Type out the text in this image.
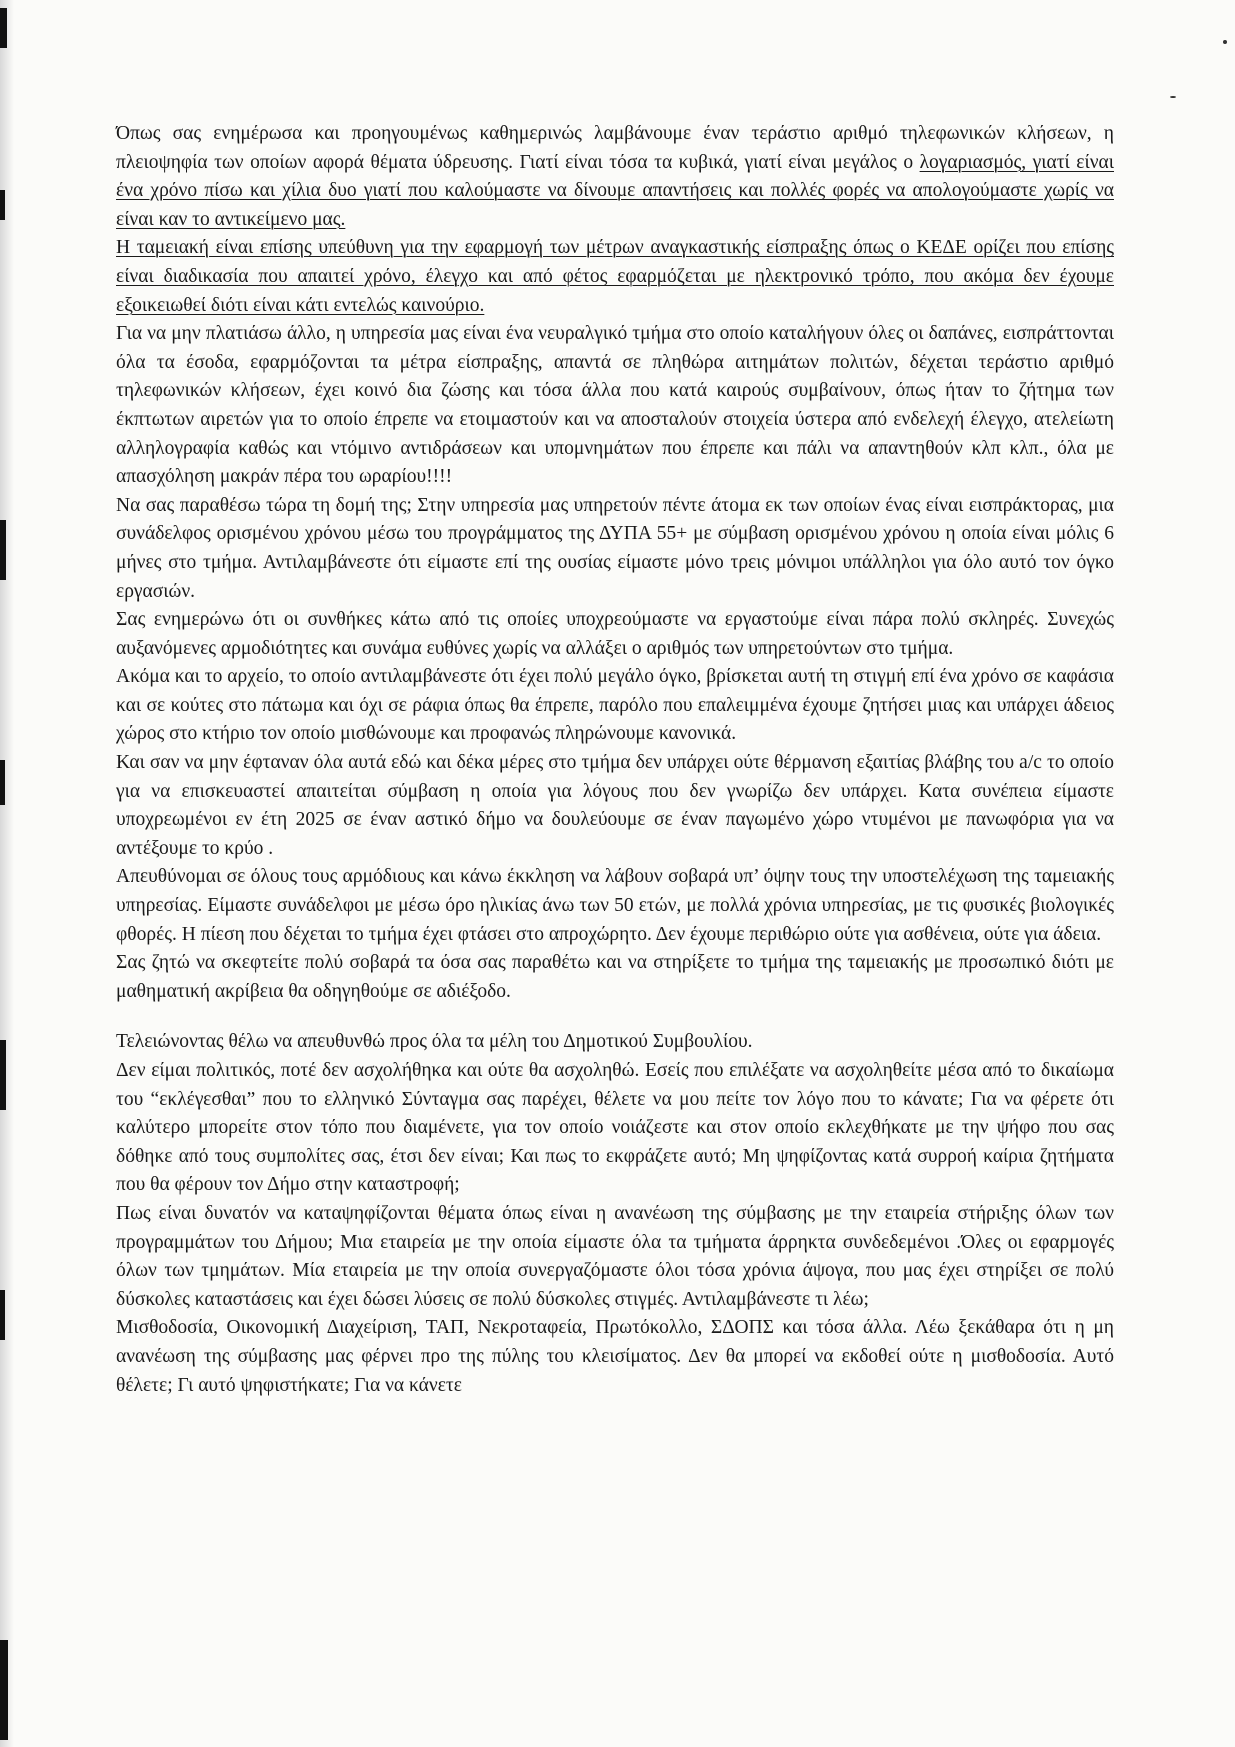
Όπως σας ενημέρωσα και προηγουμένως καθημερινώς λαμβάνουμε έναν τεράστιο αριθμό τηλεφωνικών κλήσεων, η πλειοψηφία των οποίων αφορά θέματα ύδρευσης. Γιατί είναι τόσα τα κυβικά, γιατί είναι μεγάλος ο λογαριασμός, γιατί είναι ένα χρόνο πίσω και χίλια δυο γιατί που καλούμαστε να δίνουμε απαντήσεις και πολλές φορές να απολογούμαστε χωρίς να είναι καν το αντικείμενο μας.

Η ταμειακή είναι επίσης υπεύθυνη για την εφαρμογή των μέτρων αναγκαστικής είσπραξης όπως ο ΚΕΔΕ ορίζει που επίσης είναι διαδικασία που απαιτεί χρόνο, έλεγχο και από φέτος εφαρμόζεται με ηλεκτρονικό τρόπο, που ακόμα δεν έχουμε εξοικειωθεί διότι είναι κάτι εντελώς καινούριο.

Για να μην πλατιάσω άλλο, η υπηρεσία μας είναι ένα νευραλγικό τμήμα στο οποίο καταλήγουν όλες οι δαπάνες, εισπράττονται όλα τα έσοδα, εφαρμόζονται τα μέτρα είσπραξης, απαντά σε πληθώρα αιτημάτων πολιτών, δέχεται τεράστιο αριθμό τηλεφωνικών κλήσεων, έχει κοινό δια ζώσης και τόσα άλλα που κατά καιρούς συμβαίνουν, όπως ήταν το ζήτημα των έκπτωτων αιρετών για το οποίο έπρεπε να ετοιμαστούν και να αποσταλούν στοιχεία ύστερα από ενδελεχή έλεγχο, ατελείωτη αλληλογραφία καθώς και ντόμινο αντιδράσεων και υπομνημάτων που έπρεπε και πάλι να απαντηθούν κλπ κλπ., όλα με απασχόληση μακράν πέρα του ωραρίου!!!!

Να σας παραθέσω τώρα τη δομή της; Στην υπηρεσία μας υπηρετούν πέντε άτομα εκ των οποίων ένας είναι εισπράκτορας, μια συνάδελφος ορισμένου χρόνου μέσω του προγράμματος της ΔΥΠΑ 55+ με σύμβαση ορισμένου χρόνου η οποία είναι μόλις 6 μήνες στο τμήμα. Αντιλαμβάνεστε ότι είμαστε επί της ουσίας είμαστε μόνο τρεις μόνιμοι υπάλληλοι για όλο αυτό τον όγκο εργασιών.

Σας ενημερώνω ότι οι συνθήκες κάτω από τις οποίες υποχρεούμαστε να εργαστούμε είναι πάρα πολύ σκληρές. Συνεχώς αυξανόμενες αρμοδιότητες και συνάμα ευθύνες χωρίς να αλλάξει ο αριθμός των υπηρετούντων στο τμήμα.

Ακόμα και το αρχείο, το οποίο αντιλαμβάνεστε ότι έχει πολύ μεγάλο όγκο, βρίσκεται αυτή τη στιγμή επί ένα χρόνο σε καφάσια και σε κούτες στο πάτωμα και όχι σε ράφια όπως θα έπρεπε, παρόλο που επαλειμμένα έχουμε ζητήσει μιας και υπάρχει άδειος χώρος στο κτήριο τον οποίο μισθώνουμε και προφανώς πληρώνουμε κανονικά.

Και σαν να μην έφταναν όλα αυτά εδώ και δέκα μέρες στο τμήμα δεν υπάρχει ούτε θέρμανση εξαιτίας βλάβης του a/c το οποίο για να επισκευαστεί απαιτείται σύμβαση η οποία για λόγους που δεν γνωρίζω δεν υπάρχει. Κατα συνέπεια είμαστε υποχρεωμένοι εν έτη 2025 σε έναν αστικό δήμο να δουλεύουμε σε έναν παγωμένο χώρο ντυμένοι με πανωφόρια για να αντέξουμε το κρύο .

Απευθύνομαι σε όλους τους αρμόδιους και κάνω έκκληση να λάβουν σοβαρά υπ’ όψην τους την υποστελέχωση της ταμειακής υπηρεσίας. Είμαστε συνάδελφοι με μέσω όρο ηλικίας άνω των 50 ετών, με πολλά χρόνια υπηρεσίας, με τις φυσικές βιολογικές φθορές. Η πίεση που δέχεται το τμήμα έχει φτάσει στο απροχώρητο. Δεν έχουμε περιθώριο ούτε για ασθένεια, ούτε για άδεια.

Σας ζητώ να σκεφτείτε πολύ σοβαρά τα όσα σας παραθέτω και να στηρίξετε το τμήμα της ταμειακής με προσωπικό διότι με μαθηματική ακρίβεια θα οδηγηθούμε σε αδιέξοδο.

Τελειώνοντας θέλω να απευθυνθώ προς όλα τα μέλη του Δημοτικού Συμβουλίου.

Δεν είμαι πολιτικός, ποτέ δεν ασχολήθηκα και ούτε θα ασχοληθώ. Εσείς που επιλέξατε να ασχοληθείτε μέσα από το δικαίωμα του “εκλέγεσθαι” που το ελληνικό Σύνταγμα σας παρέχει, θέλετε να μου πείτε τον λόγο που το κάνατε; Για να φέρετε ότι καλύτερο μπορείτε στον τόπο που διαμένετε, για τον οποίο νοιάζεστε και στον οποίο εκλεχθήκατε με την ψήφο που σας δόθηκε από τους συμπολίτες σας, έτσι δεν είναι; Και πως το εκφράζετε αυτό; Μη ψηφίζοντας κατά συρροή καίρια ζητήματα που θα φέρουν τον Δήμο στην καταστροφή;

Πως είναι δυνατόν να καταψηφίζονται θέματα όπως είναι η ανανέωση της σύμβασης με την εταιρεία στήριξης όλων των προγραμμάτων του Δήμου; Μια εταιρεία με την οποία είμαστε όλα τα τμήματα άρρηκτα συνδεδεμένοι .Όλες οι εφαρμογές όλων των τμημάτων. Μία εταιρεία με την οποία συνεργαζόμαστε όλοι τόσα χρόνια άψογα, που μας έχει στηρίξει σε πολύ δύσκολες καταστάσεις και έχει δώσει λύσεις σε πολύ δύσκολες στιγμές. Αντιλαμβάνεστε τι λέω;

Μισθοδοσία, Οικονομική Διαχείριση, ΤΑΠ, Νεκροταφεία, Πρωτόκολλο, ΣΔΟΠΣ και τόσα άλλα. Λέω ξεκάθαρα ότι η μη ανανέωση της σύμβασης μας φέρνει προ της πύλης του κλεισίματος. Δεν θα μπορεί να εκδοθεί ούτε η μισθοδοσία. Αυτό θέλετε; Γι αυτό ψηφιστήκατε; Για να κάνετε
